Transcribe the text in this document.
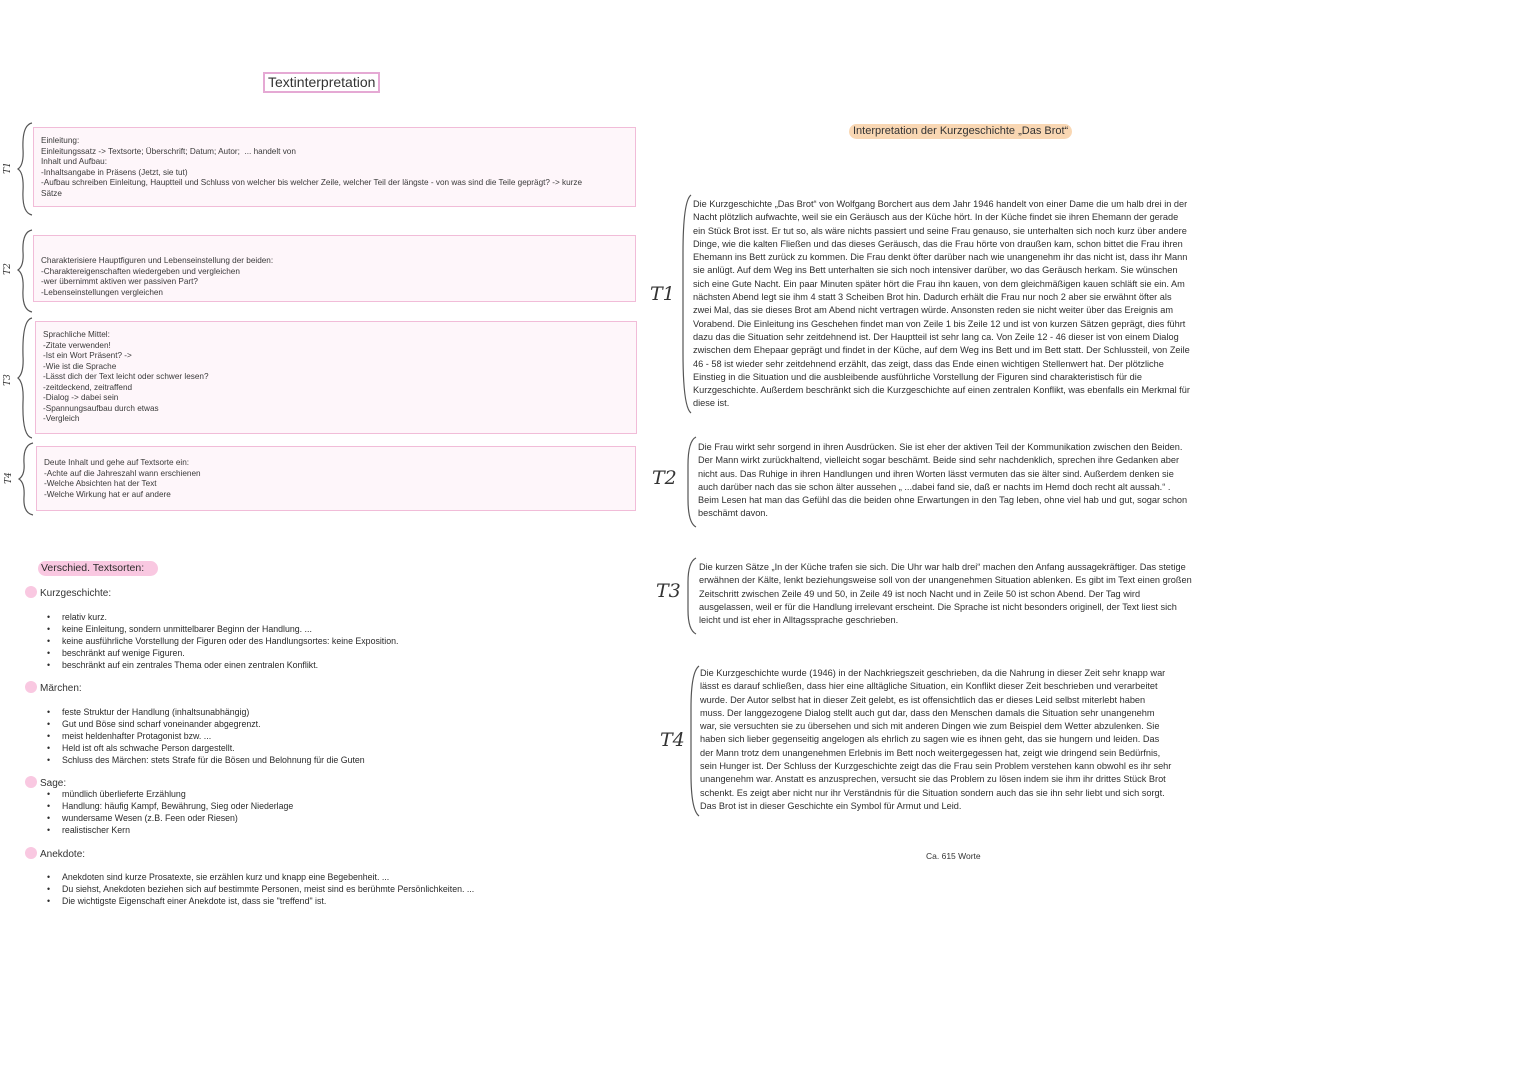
Textinterpretation
T1
Einleitung:
Einleitungssatz -> Textsorte; Überschrift; Datum; Autor;  ... handelt von
Inhalt und Aufbau:
-Inhaltsangabe in Präsens (Jetzt, sie tut)
-Aufbau schreiben Einleitung, Hauptteil und Schluss von welcher bis welcher Zeile, welcher Teil der längste - von was sind die Teile geprägt? -> kurze
Sätze
T2
Charakterisiere Hauptfiguren und Lebenseinstellung der beiden:
-Charaktereigenschaften wiedergeben und vergleichen
-wer übernimmt aktiven wer passiven Part?
-Lebenseinstellungen vergleichen
T3
Sprachliche Mittel:
-Zitate verwenden!
-Ist ein Wort Präsent? ->
-Wie ist die Sprache
-Lässt dich der Text leicht oder schwer lesen?
-zeitdeckend, zeitraffend
-Dialog -> dabei sein
-Spannungsaufbau durch etwas
-Vergleich
T4
Deute Inhalt und gehe auf Textsorte ein:
-Achte auf die Jahreszahl wann erschienen
-Welche Absichten hat der Text
-Welche Wirkung hat er auf andere
Verschied. Textsorten:
Kurzgeschichte:
• relativ kurz.
• keine Einleitung, sondern unmittelbarer Beginn der Handlung. ...
• keine ausführliche Vorstellung der Figuren oder des Handlungsortes: keine Exposition.
• beschränkt auf wenige Figuren.
• beschränkt auf ein zentrales Thema oder einen zentralen Konflikt.
Märchen:
• feste Struktur der Handlung (inhaltsunabhängig)
• Gut und Böse sind scharf voneinander abgegrenzt.
• meist heldenhafter Protagonist bzw. ...
• Held ist oft als schwache Person dargestellt.
• Schluss des Märchen: stets Strafe für die Bösen und Belohnung für die Guten
Sage:
• mündlich überlieferte Erzählung
• Handlung: häufig Kampf, Bewährung, Sieg oder Niederlage
• wundersame Wesen (z.B. Feen oder Riesen)
• realistischer Kern
Anekdote:
• Anekdoten sind kurze Prosatexte, sie erzählen kurz und knapp eine Begebenheit. ...
• Du siehst, Anekdoten beziehen sich auf bestimmte Personen, meist sind es berühmte Persönlichkeiten. ...
• Die wichtigste Eigenschaft einer Anekdote ist, dass sie "treffend" ist.
Interpretation der Kurzgeschichte „Das Brot“
T1
Die Kurzgeschichte „Das Brot“ von Wolfgang Borchert aus dem Jahr 1946 handelt von einer Dame die um halb drei in der
Nacht plötzlich aufwachte, weil sie ein Geräusch aus der Küche hört. In der Küche findet sie ihren Ehemann der gerade
ein Stück Brot isst. Er tut so, als wäre nichts passiert und seine Frau genauso, sie unterhalten sich noch kurz über andere
Dinge, wie die kalten Fließen und das dieses Geräusch, das die Frau hörte von draußen kam, schon bittet die Frau ihren
Ehemann ins Bett zurück zu kommen. Die Frau denkt öfter darüber nach wie unangenehm ihr das nicht ist, dass ihr Mann
sie anlügt. Auf dem Weg ins Bett unterhalten sie sich noch intensiver darüber, wo das Geräusch herkam. Sie wünschen
sich eine Gute Nacht. Ein paar Minuten später hört die Frau ihn kauen, von dem gleichmäßigen kauen schläft sie ein. Am
nächsten Abend legt sie ihm 4 statt 3 Scheiben Brot hin. Dadurch erhält die Frau nur noch 2 aber sie erwähnt öfter als
zwei Mal, das sie dieses Brot am Abend nicht vertragen würde. Ansonsten reden sie nicht weiter über das Ereignis am
Vorabend. Die Einleitung ins Geschehen findet man von Zeile 1 bis Zeile 12 und ist von kurzen Sätzen geprägt, dies führt
dazu das die Situation sehr zeitdehnend ist. Der Hauptteil ist sehr lang ca. Von Zeile 12 - 46 dieser ist von einem Dialog
zwischen dem Ehepaar geprägt und findet in der Küche, auf dem Weg ins Bett und im Bett statt. Der Schlussteil, von Zeile
46 - 58 ist wieder sehr zeitdehnend erzählt, das zeigt, dass das Ende einen wichtigen Stellenwert hat. Der plötzliche
Einstieg in die Situation und die ausbleibende ausführliche Vorstellung der Figuren sind charakteristisch für die
Kurzgeschichte. Außerdem beschränkt sich die Kurzgeschichte auf einen zentralen Konflikt, was ebenfalls ein Merkmal für
diese ist.
T2
Die Frau wirkt sehr sorgend in ihren Ausdrücken. Sie ist eher der aktiven Teil der Kommunikation zwischen den Beiden.
Der Mann wirkt zurückhaltend, vielleicht sogar beschämt. Beide sind sehr nachdenklich, sprechen ihre Gedanken aber
nicht aus. Das Ruhige in ihren Handlungen und ihren Worten lässt vermuten das sie älter sind. Außerdem denken sie
auch darüber nach das sie schon älter aussehen „ ...dabei fand sie, daß er nachts im Hemd doch recht alt aussah.“ .
Beim Lesen hat man das Gefühl das die beiden ohne Erwartungen in den Tag leben, ohne viel hab und gut, sogar schon
beschämt davon.
T3
Die kurzen Sätze „In der Küche trafen sie sich. Die Uhr war halb drei“ machen den Anfang aussagekräftiger. Das stetige
erwähnen der Kälte, lenkt beziehungsweise soll von der unangenehmen Situation ablenken. Es gibt im Text einen großen
Zeitschritt zwischen Zeile 49 und 50, in Zeile 49 ist noch Nacht und in Zeile 50 ist schon Abend. Der Tag wird
ausgelassen, weil er für die Handlung irrelevant erscheint. Die Sprache ist nicht besonders originell, der Text liest sich
leicht und ist eher in Alltagssprache geschrieben.
T4
Die Kurzgeschichte wurde (1946) in der Nachkriegszeit geschrieben, da die Nahrung in dieser Zeit sehr knapp war
lässt es darauf schließen, dass hier eine alltägliche Situation, ein Konflikt dieser Zeit beschrieben und verarbeitet
wurde. Der Autor selbst hat in dieser Zeit gelebt, es ist offensichtlich das er dieses Leid selbst miterlebt haben
muss. Der langgezogene Dialog stellt auch gut dar, dass den Menschen damals die Situation sehr unangenehm
war, sie versuchten sie zu übersehen und sich mit anderen Dingen wie zum Beispiel dem Wetter abzulenken. Sie
haben sich lieber gegenseitig angelogen als ehrlich zu sagen wie es ihnen geht, das sie hungern und leiden. Das
der Mann trotz dem unangenehmen Erlebnis im Bett noch weitergegessen hat, zeigt wie dringend sein Bedürfnis,
sein Hunger ist. Der Schluss der Kurzgeschichte zeigt das die Frau sein Problem verstehen kann obwohl es ihr sehr
unangenehm war. Anstatt es anzusprechen, versucht sie das Problem zu lösen indem sie ihm ihr drittes Stück Brot
schenkt. Es zeigt aber nicht nur ihr Verständnis für die Situation sondern auch das sie ihn sehr liebt und sich sorgt.
Das Brot ist in dieser Geschichte ein Symbol für Armut und Leid.
Ca. 615 Worte
